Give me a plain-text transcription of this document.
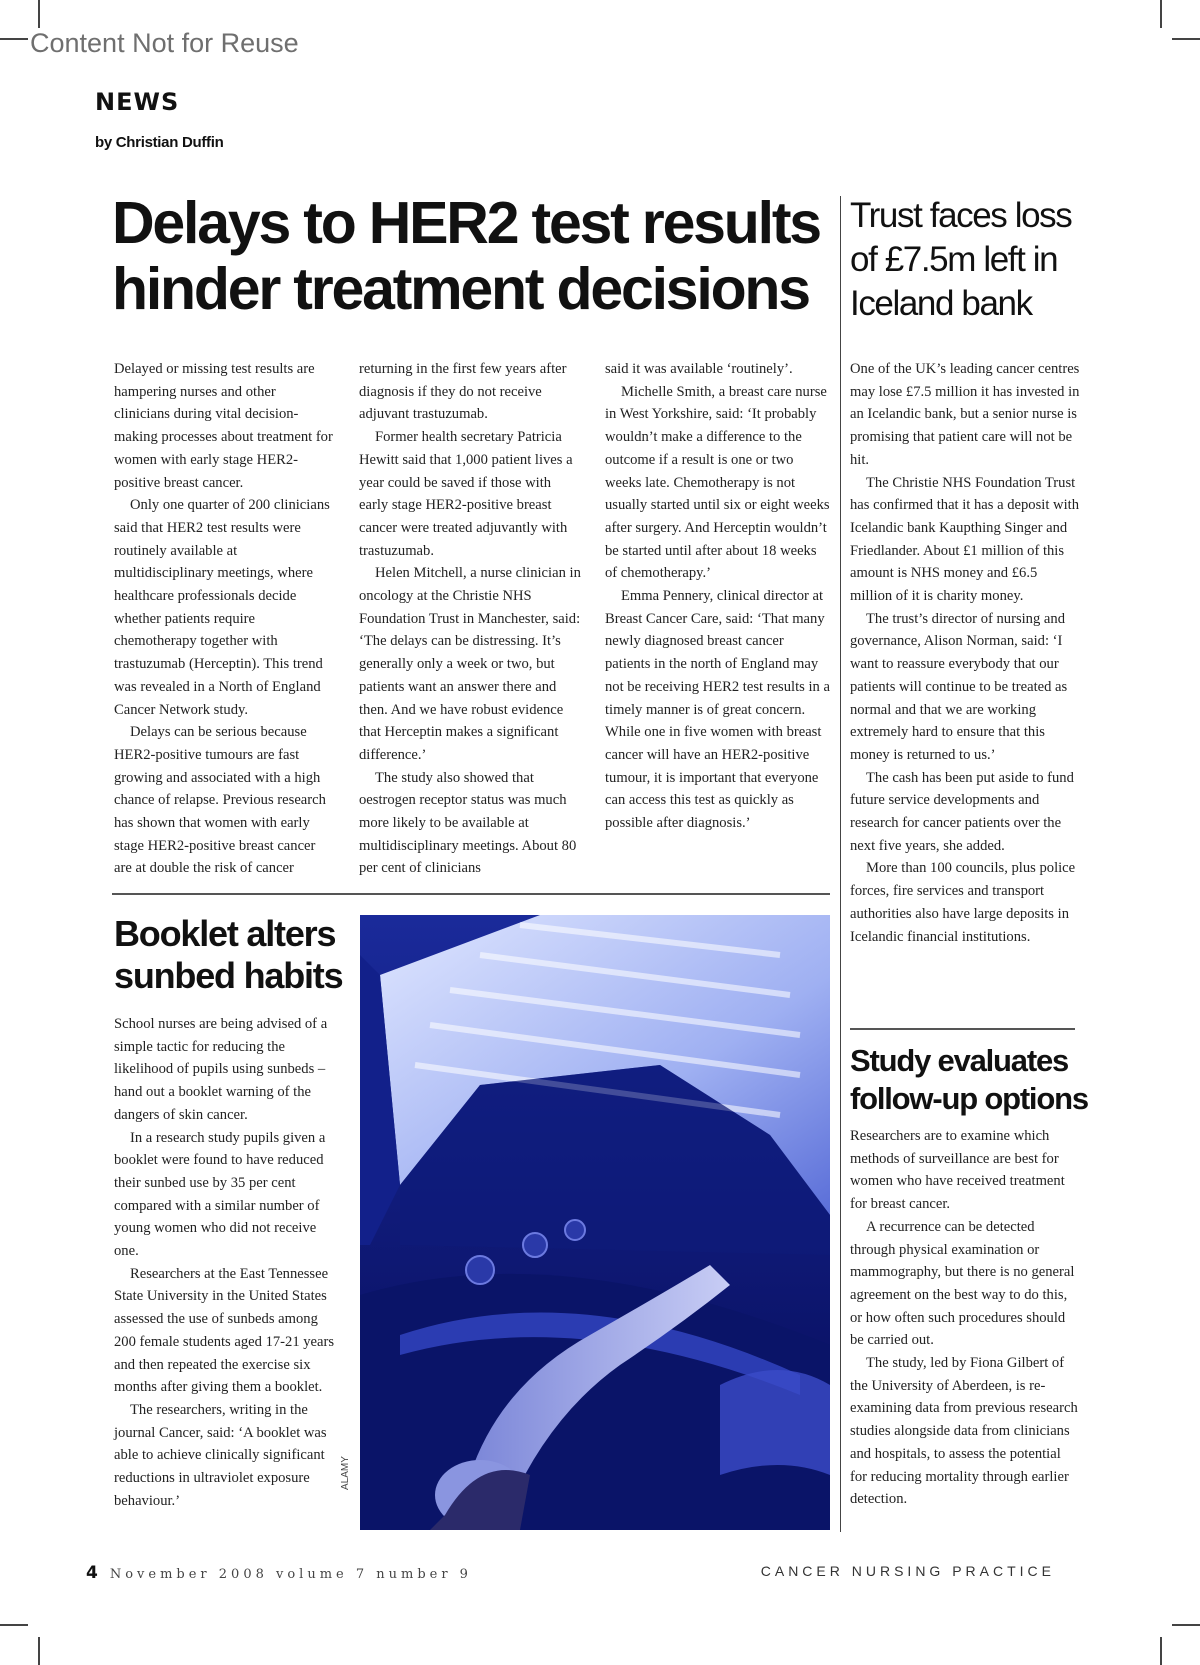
Content Not for Reuse
NEWS
by Christian Duffin
Delays to HER2 test results hinder treatment decisions

Delayed or missing test results are hampering nurses and other clinicians during vital decision-making processes about treatment for women with early stage HER2-positive breast cancer.

Only one quarter of 200 clinicians said that HER2 test results were routinely available at multidisciplinary meetings, where healthcare professionals decide whether patients require chemotherapy together with trastuzumab (Herceptin). This trend was revealed in a North of England Cancer Network study.

Delays can be serious because HER2-positive tumours are fast growing and associated with a high chance of relapse. Previous research has shown that women with early stage HER2-positive breast cancer are at double the risk of cancer

returning in the first few years after diagnosis if they do not receive adjuvant trastuzumab.

Former health secretary Patricia Hewitt said that 1,000 patient lives a year could be saved if those with early stage HER2-positive breast cancer were treated adjuvantly with trastuzumab.

Helen Mitchell, a nurse clinician in oncology at the Christie NHS Foundation Trust in Manchester, said: ‘The delays can be distressing. It’s generally only a week or two, but patients want an answer there and then. And we have robust evidence that Herceptin makes a significant difference.’

The study also showed that oestrogen receptor status was much more likely to be available at multidisciplinary meetings. About 80 per cent of clinicians

said it was available ‘routinely’.

Michelle Smith, a breast care nurse in West Yorkshire, said: ‘It probably wouldn’t make a difference to the outcome if a result is one or two weeks late. Chemotherapy is not usually started until six or eight weeks after surgery. And Herceptin wouldn’t be started until after about 18 weeks of chemotherapy.’

Emma Pennery, clinical director at Breast Cancer Care, said: ‘That many newly diagnosed breast cancer patients in the north of England may not be receiving HER2 test results in a timely manner is of great concern. While one in five women with breast cancer will have an HER2-positive tumour, it is important that everyone can access this test as quickly as possible after diagnosis.’

Trust faces loss of £7.5m left in Iceland bank

One of the UK’s leading cancer centres may lose £7.5 million it has invested in an Icelandic bank, but a senior nurse is promising that patient care will not be hit.

The Christie NHS Foundation Trust has confirmed that it has a deposit with Icelandic bank Kaupthing Singer and Friedlander. About £1 million of this amount is NHS money and £6.5 million of it is charity money.

The trust’s director of nursing and governance, Alison Norman, said: ‘I want to reassure everybody that our patients will continue to be treated as normal and that we are working extremely hard to ensure that this money is returned to us.’

The cash has been put aside to fund future service developments and research for cancer patients over the next five years, she added.

More than 100 councils, plus police forces, fire services and transport authorities also have large deposits in Icelandic financial institutions.

Study evaluates follow-up options

Researchers are to examine which methods of surveillance are best for women who have received treatment for breast cancer.

A recurrence can be detected through physical examination or mammography, but there is no general agreement on the best way to do this, or how often such procedures should be carried out.

The study, led by Fiona Gilbert of the University of Aberdeen, is re-examining data from previous research studies alongside data from clinicians and hospitals, to assess the potential for reducing mortality through earlier detection.

Booklet alters sunbed habits

School nurses are being advised of a simple tactic for reducing the likelihood of pupils using sunbeds – hand out a booklet warning of the dangers of skin cancer.

In a research study pupils given a booklet were found to have reduced their sunbed use by 35 per cent compared with a similar number of young women who did not receive one.

Researchers at the East Tennessee State University in the United States assessed the use of sunbeds among 200 female students aged 17-21 years and then repeated the exercise six months after giving them a booklet.

The researchers, writing in the journal Cancer, said: ‘A booklet was able to achieve clinically significant reductions in ultraviolet exposure behaviour.’

ALAMY
4 November 2008 volume 7 number 9	CANCER NURSING PRACTICE
